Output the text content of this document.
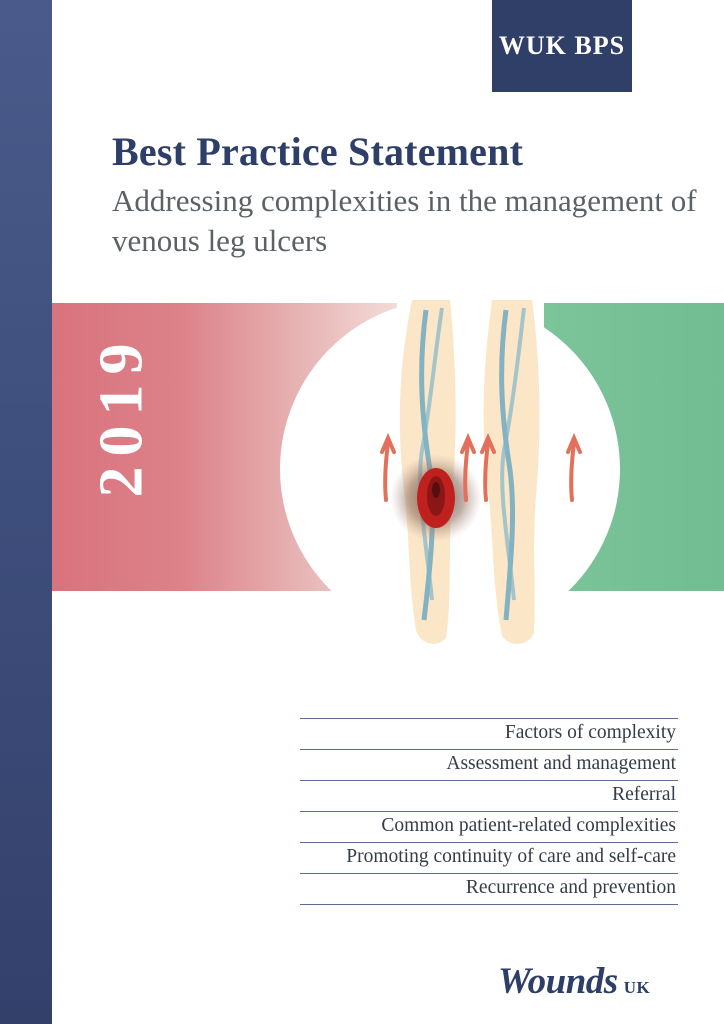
WUK BPS
Best Practice Statement
Addressing complexities in the management of venous leg ulcers
2019
Factors of complexity
Assessment and management
Referral
Common patient-related complexities
Promoting continuity of care and self-care
Recurrence and prevention
Wounds UK
